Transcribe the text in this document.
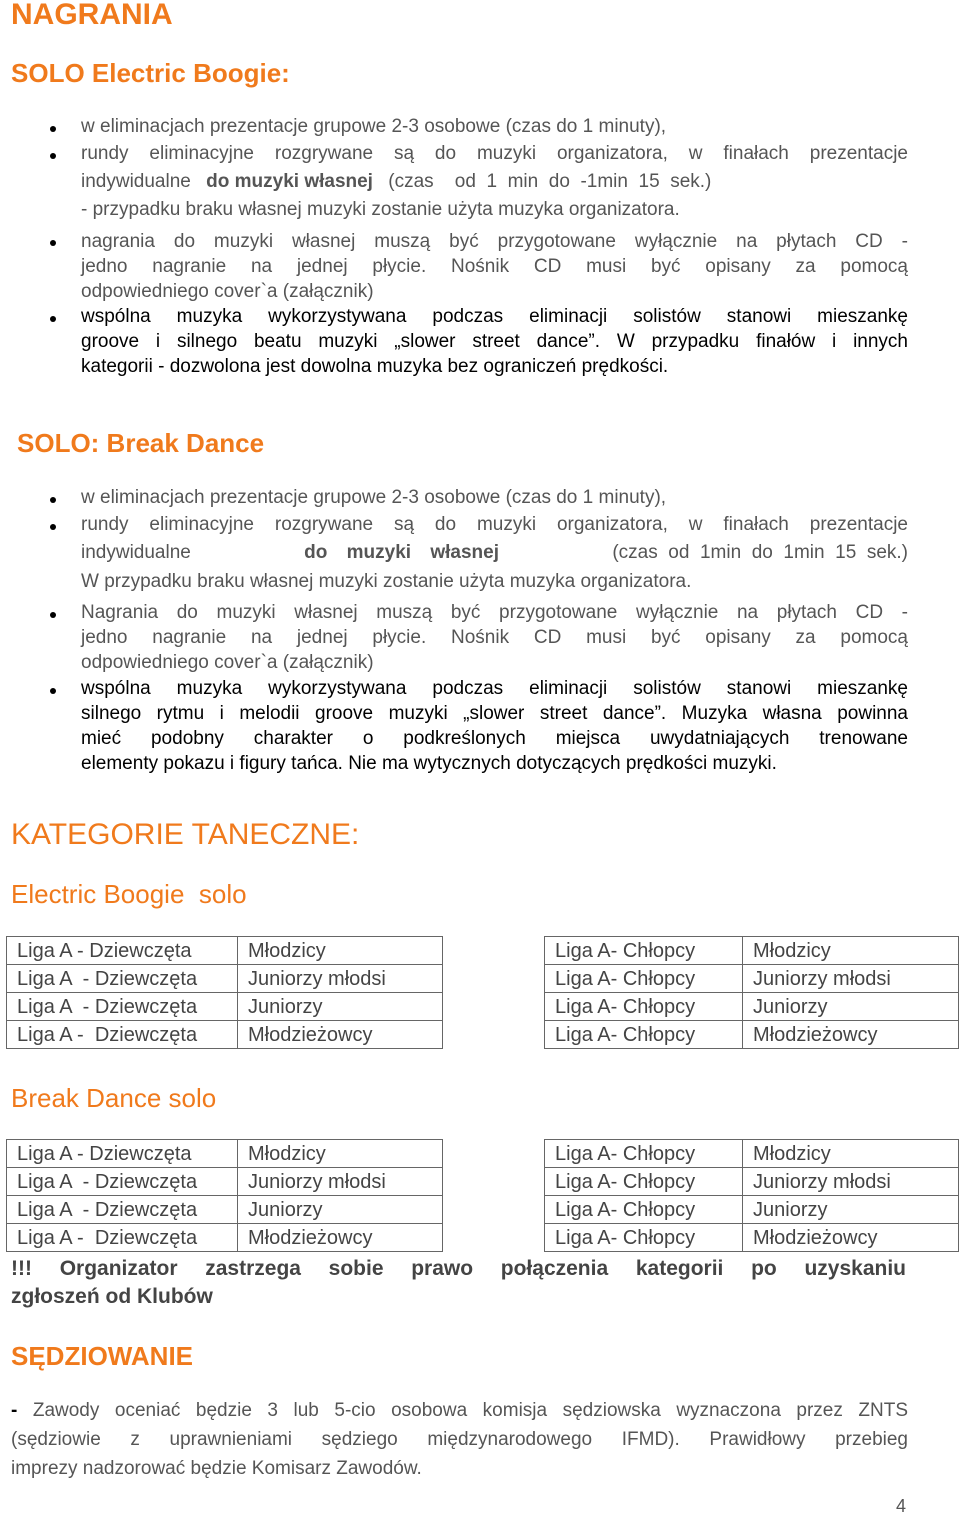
NAGRANIA
SOLO Electric Boogie:
w eliminacjach prezentacje grupowe 2-3 osobowe (czas do 1 minuty),
rundy eliminacyjne rozgrywane są do muzyki organizatora, w finałach prezentacje
indywidualne do muzyki własnej (czas    od  1  min  do  -1min  15  sek.)
- przypadku braku własnej muzyki zostanie użyta muzyka organizatora.
nagrania do muzyki własnej muszą być przygotowane wyłącznie na płytach CD -
jedno nagranie na jednej płycie. Nośnik CD musi być opisany za pomocą
odpowiedniego cover`a (załącznik)
wspólna muzyka wykorzystywana podczas eliminacji solistów stanowi mieszankę
groove i silnego beatu muzyki „slower street dance”. W przypadku finałów i innych
kategorii - dozwolona jest dowolna muzyka bez ograniczeń prędkości.
SOLO: Break Dance
w eliminacjach prezentacje grupowe 2-3 osobowe (czas do 1 minuty),
rundy eliminacyjne rozgrywane są do muzyki organizatora, w finałach prezentacje
indywidualne	do muzyki własnej	(czas  od  1min  do  1min  15  sek.)
W przypadku braku własnej muzyki zostanie użyta muzyka organizatora.
Nagrania do muzyki własnej muszą być przygotowane wyłącznie na płytach CD -
jedno nagranie na jednej płycie. Nośnik CD musi być opisany za pomocą
odpowiedniego cover`a (załącznik)
wspólna muzyka wykorzystywana podczas eliminacji solistów stanowi mieszankę
silnego rytmu i melodii groove muzyki „slower street dance”. Muzyka własna powinna
mieć podobny charakter o podkreślonych miejsca uwydatniających trenowane
elementy pokazu i figury tańca. Nie ma wytycznych dotyczących prędkości muzyki.
KATEGORIE TANECZNE:
Electric Boogie  solo
Liga A - Dziewczęta	Młodzicy
Liga A  - Dziewczęta	Juniorzy młodsi
Liga A  - Dziewczęta	Juniorzy
Liga A -  Dziewczęta	Młodzieżowcy
Liga A- Chłopcy	Młodzicy
Liga A- Chłopcy	Juniorzy młodsi
Liga A- Chłopcy	Juniorzy
Liga A- Chłopcy	Młodzieżowcy
Break Dance solo
Liga A - Dziewczęta	Młodzicy
Liga A  - Dziewczęta	Juniorzy młodsi
Liga A  - Dziewczęta	Juniorzy
Liga A -  Dziewczęta	Młodzieżowcy
Liga A- Chłopcy	Młodzicy
Liga A- Chłopcy	Juniorzy młodsi
Liga A- Chłopcy	Juniorzy
Liga A- Chłopcy	Młodzieżowcy
!!! Organizator zastrzega sobie prawo połączenia kategorii po uzyskaniu
zgłoszeń od Klubów
SĘDZIOWANIE
- Zawody oceniać będzie 3 lub 5-cio osobowa komisja sędziowska wyznaczona przez ZNTS
(sędziowie z uprawnieniami sędziego międzynarodowego IFMD). Prawidłowy przebieg
imprezy nadzorować będzie Komisarz Zawodów.
4
